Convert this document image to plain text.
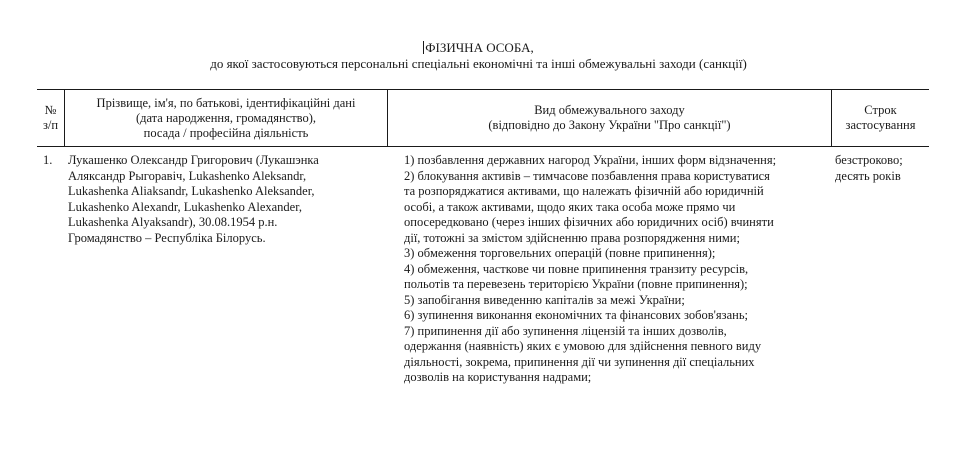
ФІЗИЧНА ОСОБА,
до якої застосовуються персональні спеціальні економічні та інші обмежувальні заходи (санкції)
№
з/п
Прізвище, ім'я, по батькові, ідентифікаційні дані
(дата народження, громадянство),
посада / професійна діяльність
Вид обмежувального заходу
(відповідно до Закону України "Про санкції")
Строк
застосування
1.	Лукашенко Олександр Григорович (Лукашэнка
Аляксандр Рыгоравіч, Lukashenko Aleksandr,
Lukashenka Aliaksandr, Lukashenko Aleksander,
Lukashenko Alexandr, Lukashenko Alexander,
Lukashenka Alyaksandr), 30.08.1954 р.н.
Громадянство – Республіка Білорусь.
1) позбавлення державних нагород України, інших форм відзначення;
2) блокування активів – тимчасове позбавлення права користуватися
та розпоряджатися активами, що належать фізичній або юридичній
особі, а також активами, щодо яких така особа може прямо чи
опосередковано (через інших фізичних або юридичних осіб) вчиняти
дії, тотожні за змістом здійсненню права розпорядження ними;
3) обмеження торговельних операцій (повне припинення);
4) обмеження, часткове чи повне припинення транзиту ресурсів,
польотів та перевезень територією України (повне припинення);
5) запобігання виведенню капіталів за межі України;
6) зупинення виконання економічних та фінансових зобов'язань;
7) припинення дії або зупинення ліцензій та інших дозволів,
одержання (наявність) яких є умовою для здійснення певного виду
діяльності, зокрема, припинення дії чи зупинення дії спеціальних
дозволів на користування надрами;
безстроково;
десять років
